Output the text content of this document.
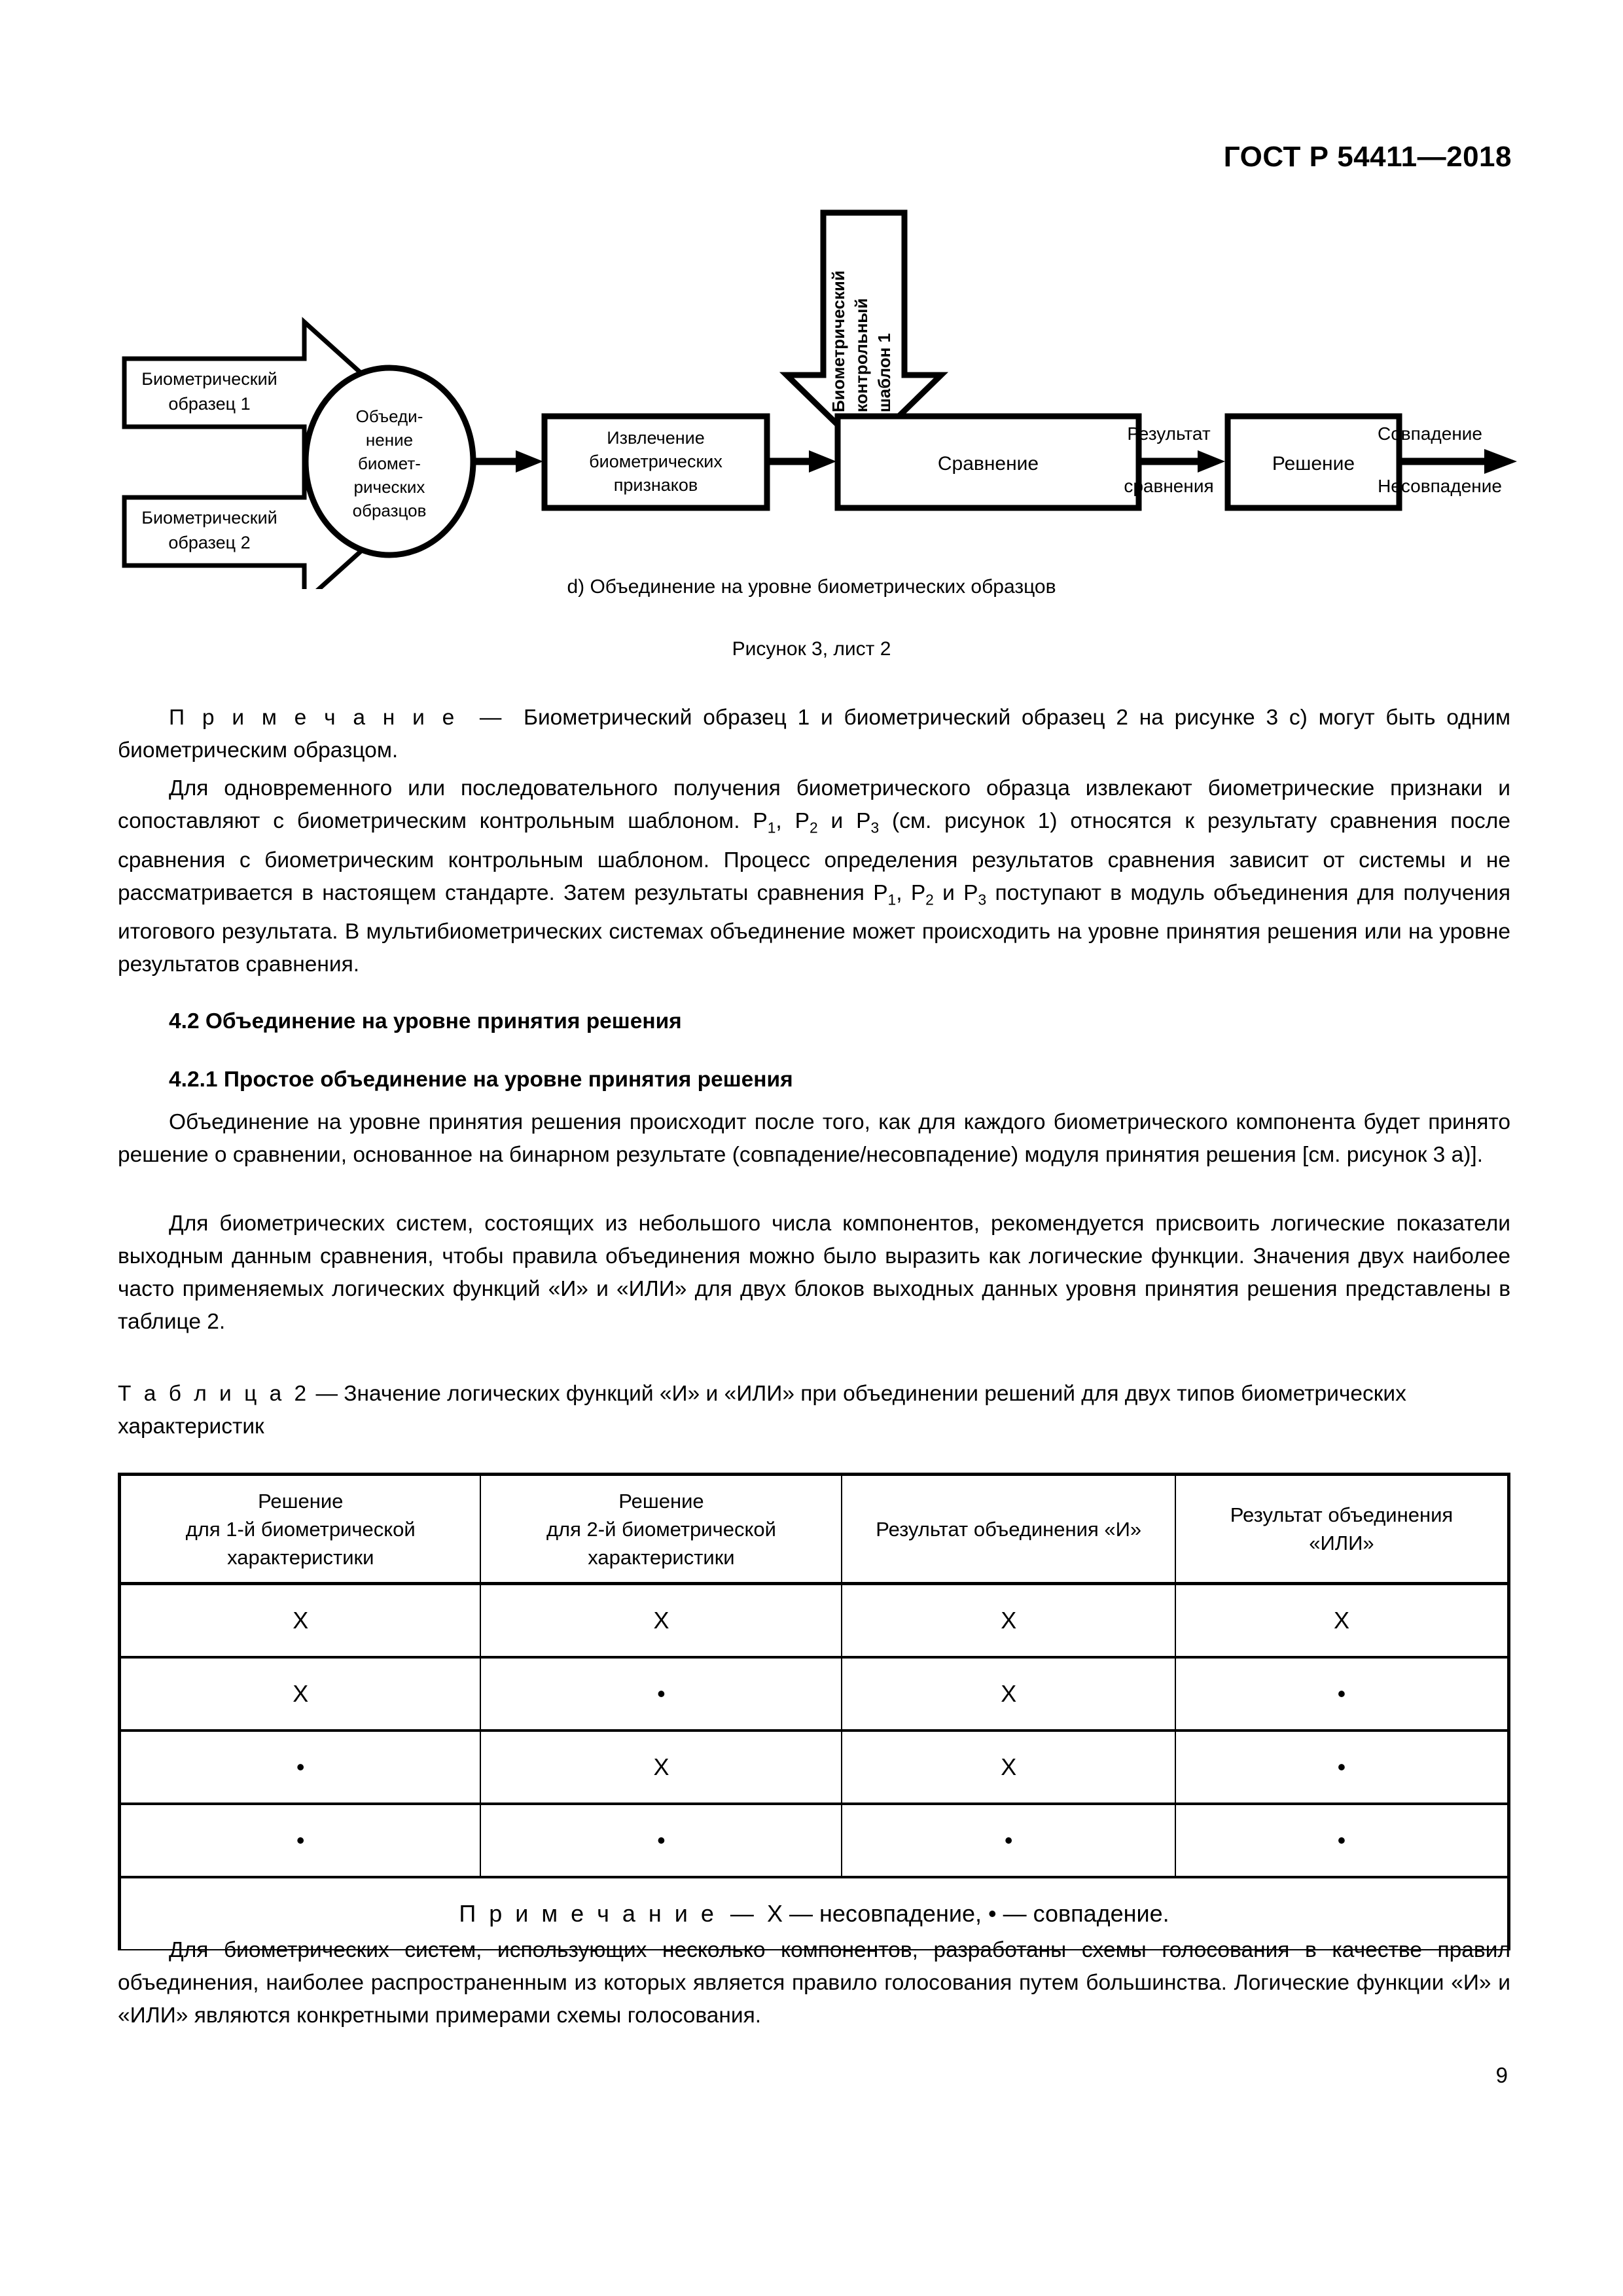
ГОСТ Р 54411—2018
Биометрический
образец 1
Биометрический
образец 2
Объеди-
нение
биомет-
рических
образцов
Извлечение
биометрических
признаков
Биометрический контрольный шаблон 1
Сравнение
Результат
сравнения
Решение
Совпадение
Несовпадение
d) Объединение на уровне биометрических образцов
Рисунок 3, лист 2

П р и м е ч а н и е — Биометрический образец 1 и биометрический образец 2 на рисунке 3 c) могут быть одним биометрическим образцом.

Для одновременного или последовательного получения биометрического образца извлекают биометрические признаки и сопоставляют с биометрическим контрольным шаблоном. $P_1$, $P_2$ и $P_3$ (см. рисунок 1) относятся к результату сравнения после сравнения с биометрическим контрольным шаблоном. Процесс определения результатов сравнения зависит от системы и не рассматривается в настоящем стандарте. Затем результаты сравнения $P_1$, $P_2$ и $P_3$ поступают в модуль объединения для получения итогового результата. В мультибиометрических системах объединение может происходить на уровне принятия решения или на уровне результатов сравнения.

4.2 Объединение на уровне принятия решения
4.2.1 Простое объединение на уровне принятия решения

Объединение на уровне принятия решения происходит после того, как для каждого биометрического компонента будет принято решение о сравнении, основанное на бинарном результате (совпадение/несовпадение) модуля принятия решения [см. рисунок 3 a)].

Для биометрических систем, состоящих из небольшого числа компонентов, рекомендуется присвоить логические показатели выходным данным сравнения, чтобы правила объединения можно было выразить как логические функции. Значения двух наиболее часто применяемых логических функций «И» и «ИЛИ» для двух блоков выходных данных уровня принятия решения представлены в таблице 2.

Т а б л и ц а 2 — Значение логических функций «И» и «ИЛИ» при объединении решений для двух типов биометрических характеристик

Решение
для 1-й биометрической
характеристики	Решение
для 2-й биометрической
характеристики	Результат объединения «И»	Результат объединения
«ИЛИ»
X	X	X	X
X	•	X	•
•	X	X	•
•	•	•	•
П р и м е ч а н и е — X — несовпадение, • — совпадение.			

Для биометрических систем, использующих несколько компонентов, разработаны схемы голосования в качестве правил объединения, наиболее распространенным из которых является правило голосования путем большинства. Логические функции «И» и «ИЛИ» являются конкретными примерами схемы голосования.

9
